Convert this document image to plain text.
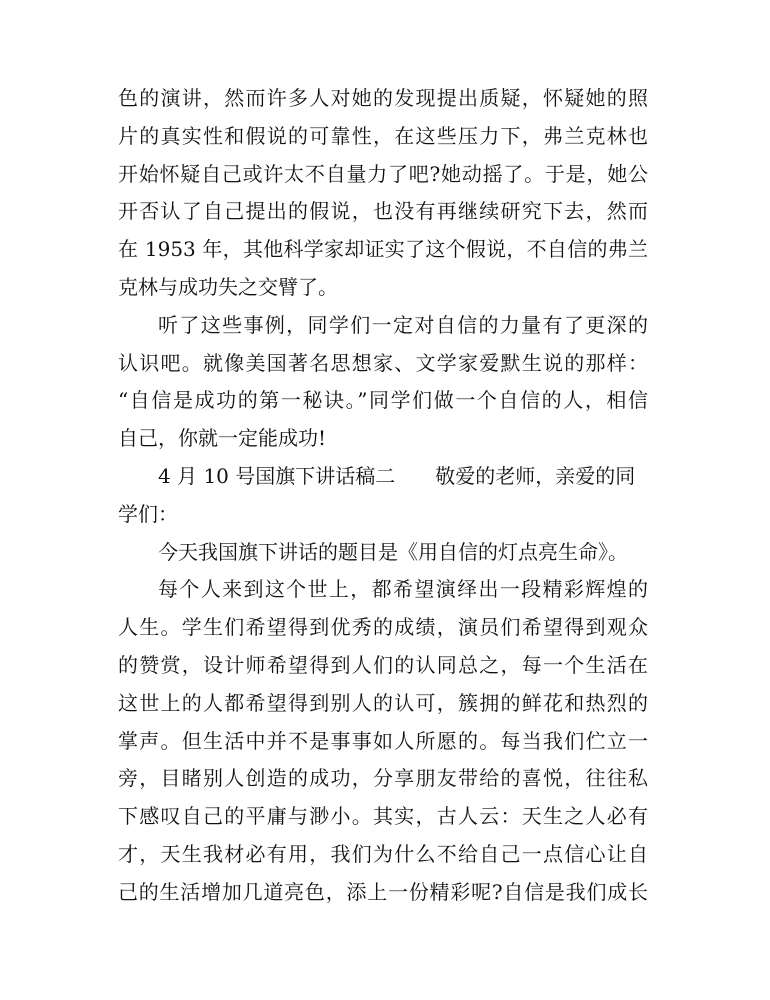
色的演讲，然而许多人对她的发现提出质疑，怀疑她的照
片的真实性和假说的可靠性，在这些压力下，弗兰克林也
开始怀疑自己或许太不自量力了吧?她动摇了。于是，她公
开否认了自己提出的假说，也没有再继续研究下去，然而
在 1953 年，其他科学家却证实了这个假说，不自信的弗兰
克林与成功失之交臂了。
听了这些事例，同学们一定对自信的力量有了更深的
认识吧。就像美国著名思想家、文学家爱默生说的那样：
“自信是成功的第一秘诀。”同学们做一个自信的人，相信
自己，你就一定能成功!
4 月 10 号国旗下讲话稿二 敬爱的老师，亲爱的同
学们：
今天我国旗下讲话的题目是《用自信的灯点亮生命》。
每个人来到这个世上，都希望演绎出一段精彩辉煌的
人生。学生们希望得到优秀的成绩，演员们希望得到观众
的赞赏，设计师希望得到人们的认同总之，每一个生活在
这世上的人都希望得到别人的认可，簇拥的鲜花和热烈的
掌声。但生活中并不是事事如人所愿的。每当我们伫立一
旁，目睹别人创造的成功，分享朋友带给的喜悦，往往私
下感叹自己的平庸与渺小。其实，古人云：天生之人必有
才，天生我材必有用，我们为什么不给自己一点信心让自
己的生活增加几道亮色，添上一份精彩呢?自信是我们成长
